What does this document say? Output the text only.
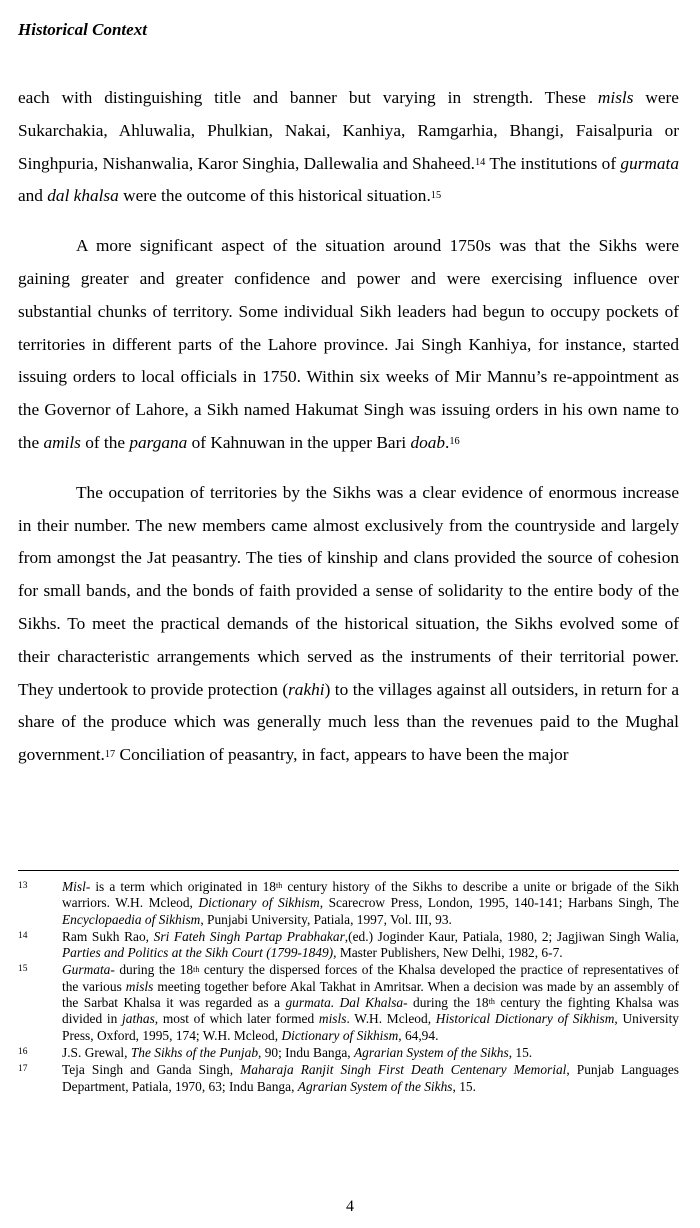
Historical Context

each with distinguishing title and banner but varying in strength. These misls were Sukarchakia, Ahluwalia, Phulkian, Nakai, Kanhiya, Ramgarhia, Bhangi, Faisalpuria or Singhpuria, Nishanwalia, Karor Singhia, Dallewalia and Shaheed.$^{14}$ The institutions of gurmata and dal khalsa were the outcome of this historical situation.$^{15}$

A more significant aspect of the situation around 1750s was that the Sikhs were gaining greater and greater confidence and power and were exercising influence over substantial chunks of territory. Some individual Sikh leaders had begun to occupy pockets of territories in different parts of the Lahore province. Jai Singh Kanhiya, for instance, started issuing orders to local officials in 1750. Within six weeks of Mir Mannu’s re-appointment as the Governor of Lahore, a Sikh named Hakumat Singh was issuing orders in his own name to the amils of the pargana of Kahnuwan in the upper Bari doab.$^{16}$

The occupation of territories by the Sikhs was a clear evidence of enormous increase in their number. The new members came almost exclusively from the countryside and largely from amongst the Jat peasantry. The ties of kinship and clans provided the source of cohesion for small bands, and the bonds of faith provided a sense of solidarity to the entire body of the Sikhs. To meet the practical demands of the historical situation, the Sikhs evolved some of their characteristic arrangements which served as the instruments of their territorial power. They undertook to provide protection (rakhi) to the villages against all outsiders, in return for a share of the produce which was generally much less than the revenues paid to the Mughal government.$^{17}$ Conciliation of peasantry, in fact, appears to have been the major

13	Misl- is a term which originated in 18th century history of the Sikhs to describe a unite or brigade of the Sikh warriors. W.H. Mcleod, Dictionary of Sikhism, Scarecrow Press, London, 1995, 140-141; Harbans Singh, The Encyclopaedia of Sikhism, Punjabi University, Patiala, 1997, Vol. III, 93.
14	Ram Sukh Rao, Sri Fateh Singh Partap Prabhakar,(ed.) Joginder Kaur, Patiala, 1980, 2; Jagjiwan Singh Walia, Parties and Politics at the Sikh Court (1799-1849), Master Publishers, New Delhi, 1982, 6-7.
15	Gurmata- during the 18th century the dispersed forces of the Khalsa developed the practice of representatives of the various misls meeting together before Akal Takhat in Amritsar. When a decision was made by an assembly of the Sarbat Khalsa it was regarded as a gurmata. Dal Khalsa- during the 18th century the fighting Khalsa was divided in jathas, most of which later formed misls. W.H. Mcleod, Historical Dictionary of Sikhism, University Press, Oxford, 1995, 174; W.H. Mcleod, Dictionary of Sikhism, 64,94.
16	J.S. Grewal, The Sikhs of the Punjab, 90; Indu Banga, Agrarian System of the Sikhs, 15.
17	Teja Singh and Ganda Singh, Maharaja Ranjit Singh First Death Centenary Memorial, Punjab Languages Department, Patiala, 1970, 63; Indu Banga, Agrarian System of the Sikhs, 15.
4
